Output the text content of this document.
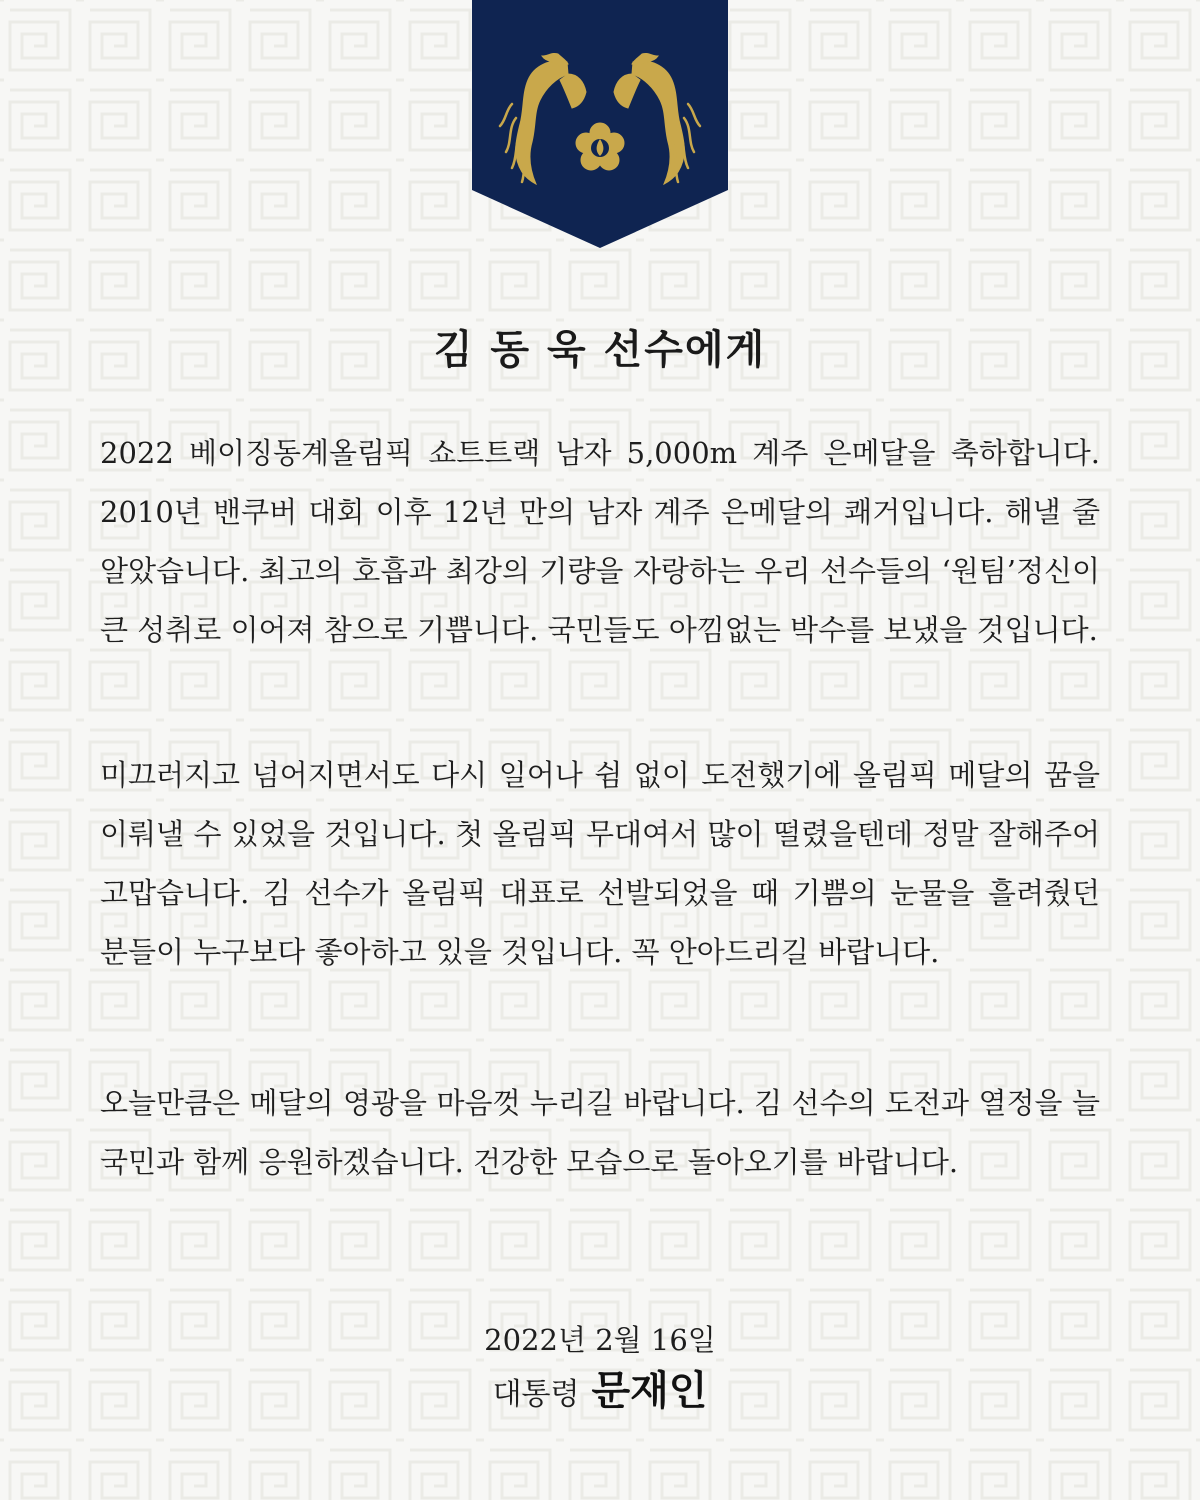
김 동 욱 선수에게

2022 베이징동계올림픽 쇼트트랙 남자 5,000m 계주 은메달을 축하합니다. 2010년 밴쿠버 대회 이후 12년 만의 남자 계주 은메달의 쾌거입니다. 해낼 줄 알았습니다. 최고의 호흡과 최강의 기량을 자랑하는 우리 선수들의 ‘원팀’정신이 큰 성취로 이어져 참으로 기쁩니다. 국민들도 아낌없는 박수를 보냈을 것입니다.

미끄러지고 넘어지면서도 다시 일어나 쉼 없이 도전했기에 올림픽 메달의 꿈을 이뤄낼 수 있었을 것입니다. 첫 올림픽 무대여서 많이 떨렸을텐데 정말 잘해주어 고맙습니다. 김 선수가 올림픽 대표로 선발되었을 때 기쁨의 눈물을 흘려줬던 분들이 누구보다 좋아하고 있을 것입니다. 꼭 안아드리길 바랍니다.

오늘만큼은 메달의 영광을 마음껏 누리길 바랍니다. 김 선수의 도전과 열정을 늘 국민과 함께 응원하겠습니다. 건강한 모습으로 돌아오기를 바랍니다.

2022년 2월 16일
대통령 문재인
